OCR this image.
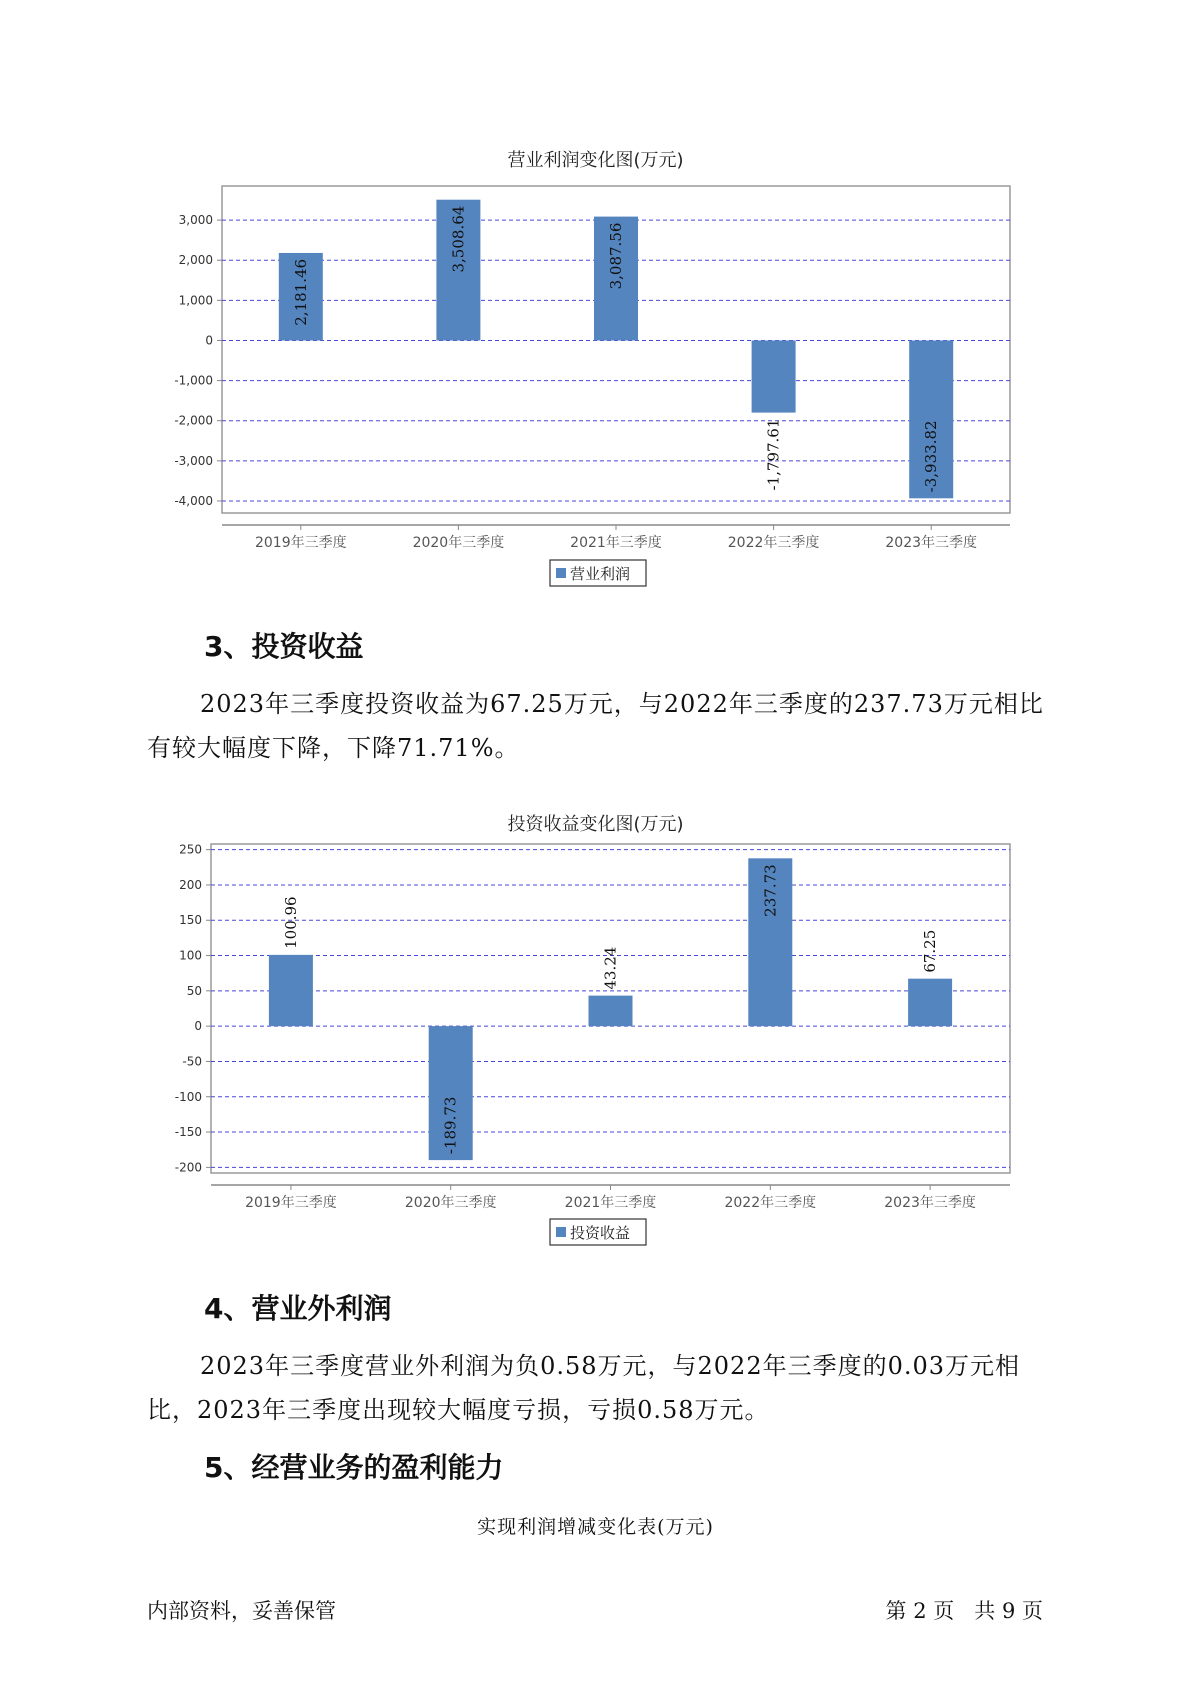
营业利润变化图(万元)
3,000
2,000
1,000
0
-1,000
-2,000
-3,000
-4,000
2,181.46
2019年三季度
3,508.64
2020年三季度
3,087.56
2021年三季度
-1,797.61
2022年三季度
-3,933.82
2023年三季度
营业利润
投资收益变化图(万元)
250
200
150
100
50
0
-50
-100
-150
-200
100.96
2019年三季度
-189.73
2020年三季度
43.24
2021年三季度
237.73
2022年三季度
67.25
2023年三季度
投资收益
3、投资收益
2023年三季度投资收益为67.25万元，与2022年三季度的237.73万元相比有较大幅度下降，下降71.71%。
4、营业外利润
2023年三季度营业外利润为负0.58万元，与2022年三季度的0.03万元相比，2023年三季度出现较大幅度亏损，亏损0.58万元。
5、经营业务的盈利能力
实现利润增减变化表(万元)
内部资料，妥善保管	第 2 页   共 9 页
